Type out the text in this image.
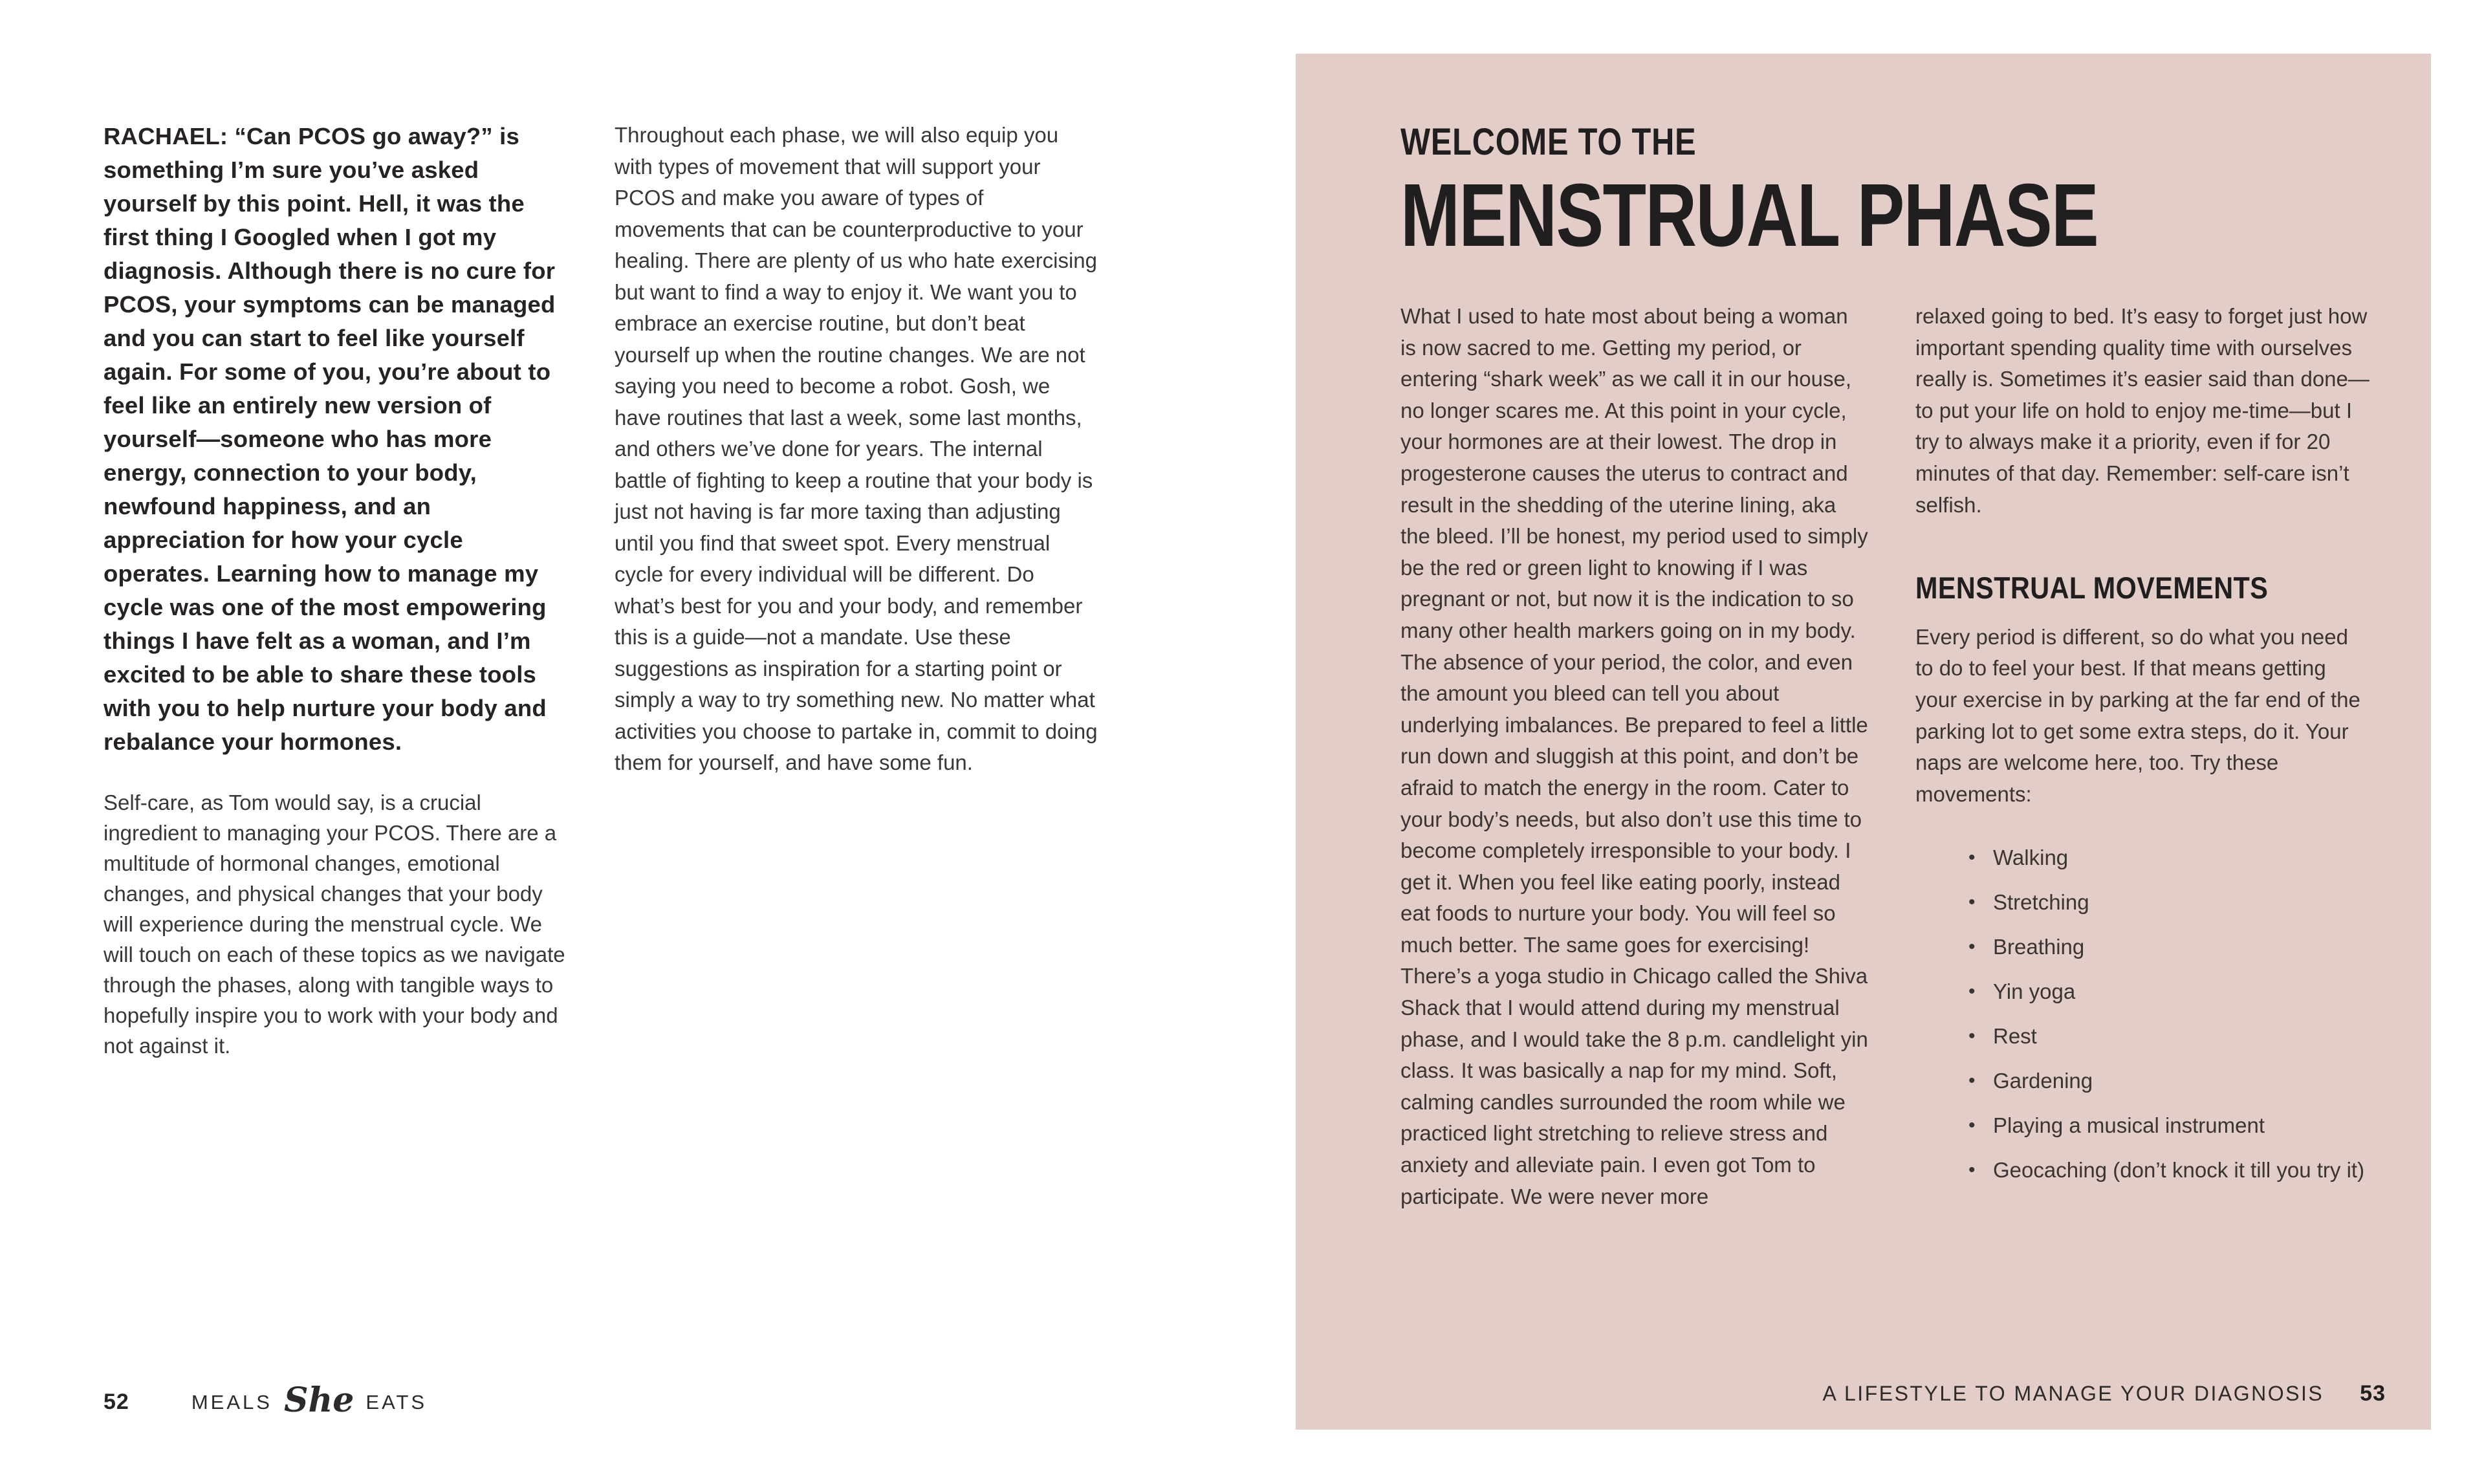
RACHAEL: “Can PCOS go away?” is something I’m sure you’ve asked yourself by this point. Hell, it was the first thing I Googled when I got my diagnosis. Although there is no cure for PCOS, your symptoms can be managed and you can start to feel like yourself again. For some of you, you’re about to feel like an entirely new version of yourself—someone who has more energy, connection to your body, newfound happiness, and an appreciation for how your cycle operates. Learning how to manage my cycle was one of the most empowering things I have felt as a woman, and I’m excited to be able to share these tools with you to help nurture your body and rebalance your hormones.

Self-care, as Tom would say, is a crucial ingredient to managing your PCOS. There are a multitude of hormonal changes, emotional changes, and physical changes that your body will experience during the menstrual cycle. We will touch on each of these topics as we navigate through the phases, along with tangible ways to hopefully inspire you to work with your body and not against it.

Throughout each phase, we will also equip you with types of movement that will support your PCOS and make you aware of types of movements that can be counterproductive to your healing. There are plenty of us who hate exercising but want to find a way to enjoy it. We want you to embrace an exercise routine, but don’t beat yourself up when the routine changes. We are not saying you need to become a robot. Gosh, we have routines that last a week, some last months, and others we’ve done for years. The internal battle of fighting to keep a routine that your body is just not having is far more taxing than adjusting until you find that sweet spot. Every menstrual cycle for every individual will be different. Do what’s best for you and your body, and remember this is a guide—not a mandate. Use these suggestions as inspiration for a starting point or simply a way to try something new. No matter what activities you choose to partake in, commit to doing them for yourself, and have some fun.

52	MEALS She EATS
WELCOME TO THE
MENSTRUAL PHASE

What I used to hate most about being a woman is now sacred to me. Getting my period, or entering “shark week” as we call it in our house, no longer scares me. At this point in your cycle, your hormones are at their lowest. The drop in progesterone causes the uterus to contract and result in the shedding of the uterine lining, aka the bleed. I’ll be honest, my period used to simply be the red or green light to knowing if I was pregnant or not, but now it is the indication to so many other health markers going on in my body. The absence of your period, the color, and even the amount you bleed can tell you about underlying imbalances. Be prepared to feel a little run down and sluggish at this point, and don’t be afraid to match the energy in the room. Cater to your body’s needs, but also don’t use this time to become completely irresponsible to your body. I get it. When you feel like eating poorly, instead eat foods to nurture your body. You will feel so much better. The same goes for exercising! There’s a yoga studio in Chicago called the Shiva Shack that I would attend during my menstrual phase, and I would take the 8 p.m. candlelight yin class. It was basically a nap for my mind. Soft, calming candles surrounded the room while we practiced light stretching to relieve stress and anxiety and alleviate pain. I even got Tom to participate. We were never more

relaxed going to bed. It’s easy to forget just how important spending quality time with ourselves really is. Sometimes it’s easier said than done—to put your life on hold to enjoy me-time—but I try to always make it a priority, even if for 20 minutes of that day. Remember: self-care isn’t selfish.

MENSTRUAL MOVEMENTS

Every period is different, so do what you need to do to feel your best. If that means getting your exercise in by parking at the far end of the parking lot to get some extra steps, do it. Your naps are welcome here, too. Try these movements:

• Walking
• Stretching
• Breathing
• Yin yoga
• Rest
• Gardening
• Playing a musical instrument
• Geocaching (don’t knock it till you try it)
A LIFESTYLE TO MANAGE YOUR DIAGNOSIS 53
